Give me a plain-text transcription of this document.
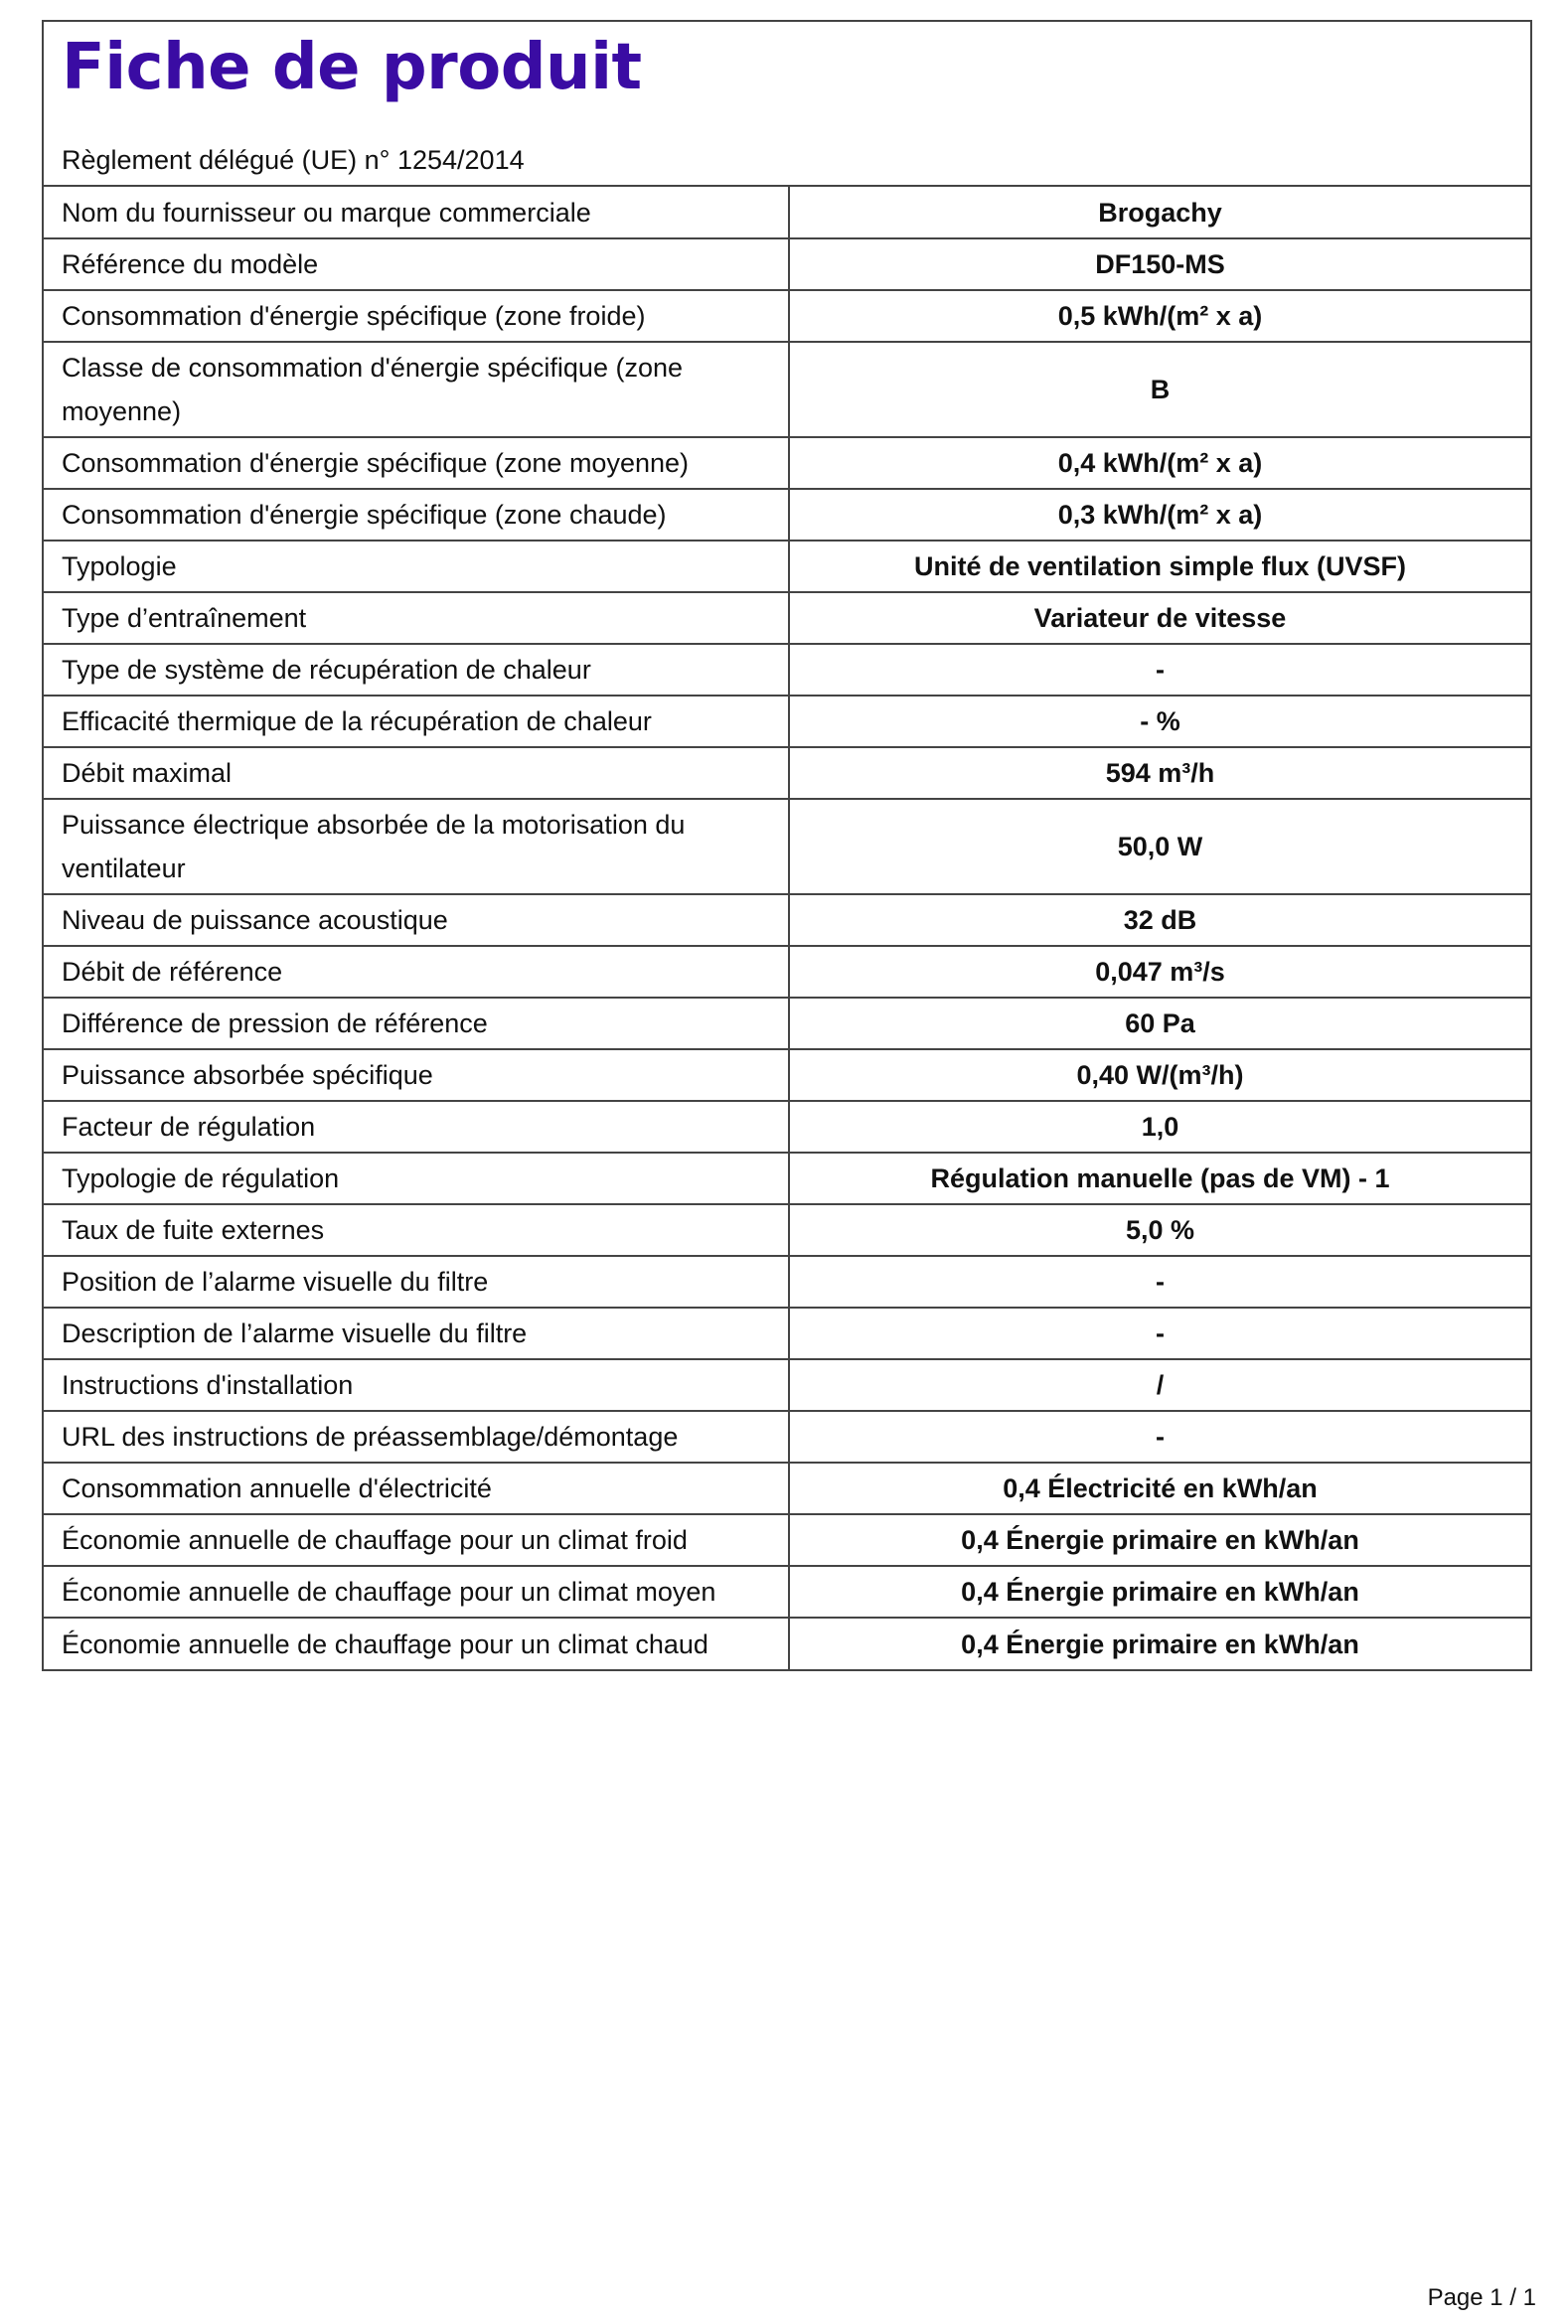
Fiche de produit
Règlement délégué (UE) n° 1254/2014
Nom du fournisseur ou marque commerciale	Brogachy
Référence du modèle	DF150-MS
Consommation d'énergie spécifique (zone froide)	0,5 kWh/(m² x a)
Classe de consommation d'énergie spécifique (zone moyenne)	B
Consommation d'énergie spécifique (zone moyenne)	0,4 kWh/(m² x a)
Consommation d'énergie spécifique (zone chaude)	0,3 kWh/(m² x a)
Typologie	Unité de ventilation simple flux (UVSF)
Type d’entraînement	Variateur de vitesse
Type de système de récupération de chaleur	-
Efficacité thermique de la récupération de chaleur	- %
Débit maximal	594 m³/h
Puissance électrique absorbée de la motorisation du ventilateur	50,0 W
Niveau de puissance acoustique	32 dB
Débit de référence	0,047 m³/s
Différence de pression de référence	60 Pa
Puissance absorbée spécifique	0,40 W/(m³/h)
Facteur de régulation	1,0
Typologie de régulation	Régulation manuelle (pas de VM) - 1
Taux de fuite externes	5,0 %
Position de l’alarme visuelle du filtre	-
Description de l’alarme visuelle du filtre	-
Instructions d'installation	/
URL des instructions de préassemblage/démontage	-
Consommation annuelle d'électricité	0,4 Électricité en kWh/an
Économie annuelle de chauffage pour un climat froid	0,4 Énergie primaire en kWh/an
Économie annuelle de chauffage pour un climat moyen	0,4 Énergie primaire en kWh/an
Économie annuelle de chauffage pour un climat chaud	0,4 Énergie primaire en kWh/an
Page 1 / 1
